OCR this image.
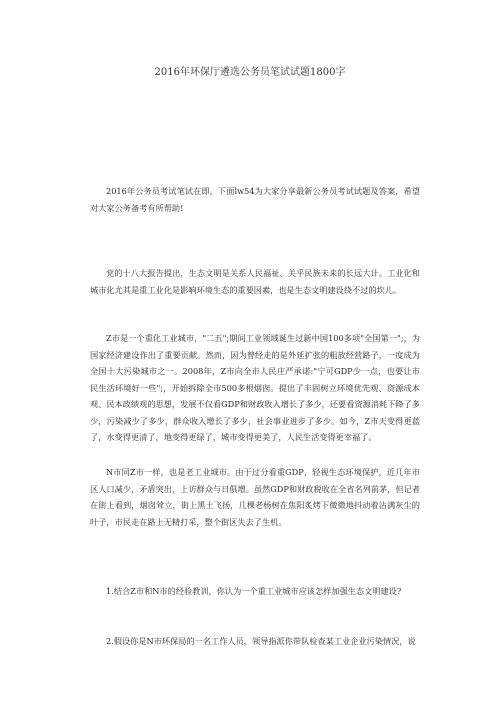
2016年环保厅遴选公务员笔试试题1800字

2016年公务员考试笔试在即，下面lw54为大家分享最新公务员考试试题及答案，希望对大家公务备考有所帮助!

党的十八大报告提出，生态文明是关系人民福祉、关乎民族未来的长远大计。工业化和城市化尤其是重工业化是影响环境生态的重要因素，也是生态文明建设绕不过的坎儿。

Z市是一个重化工业城市，"二五";期间工业领域诞生过新中国100多项"全国第一";，为国家经济建设作出了重要贡献。然而，因为曾经走的是外延扩张的粗放经营路子，一度成为全国十大污染城市之一。2008年，Z市向全市人民庄严承诺:"宁可GDP少一点，也要让市民生活环境好一些";，开始拆除全市500多根烟囱。提出了丰固树立环境优先观、资源成本观、民本政绩观的思想，发展不仅看GDP和财政收入增长了多少，还要看资源消耗下降了多少，污染减少了多少，群众收入增长了多少，社会事业进步了多少。如今，Z市天变得更蓝了，水变得更清了，地变得更绿了，城市变得更美了，人民生活变得更幸福了。

N市同Z市一样，也是老工业城市。由于过分看重GDP，轻视生态环境保护，近几年市区人口减少，矛盾突出，上访群众与日俱增。虽然GDP和财政税收在全省名列前茅，但记者在街上看到，烟囱耸立，街上黑土飞扬，几棵老杨树在焦阳炙烤下微微地抖动着沾满灰尘的叶子，市民走在路上无精打采，整个街区失去了生机。

1.结合Z市和N市的经验教训，你认为一个重工业城市应该怎样加强生态文明建设?

2.假设你是N市环保局的一名工作人员，领导指派你带队检查某工业企业污染情况，说
